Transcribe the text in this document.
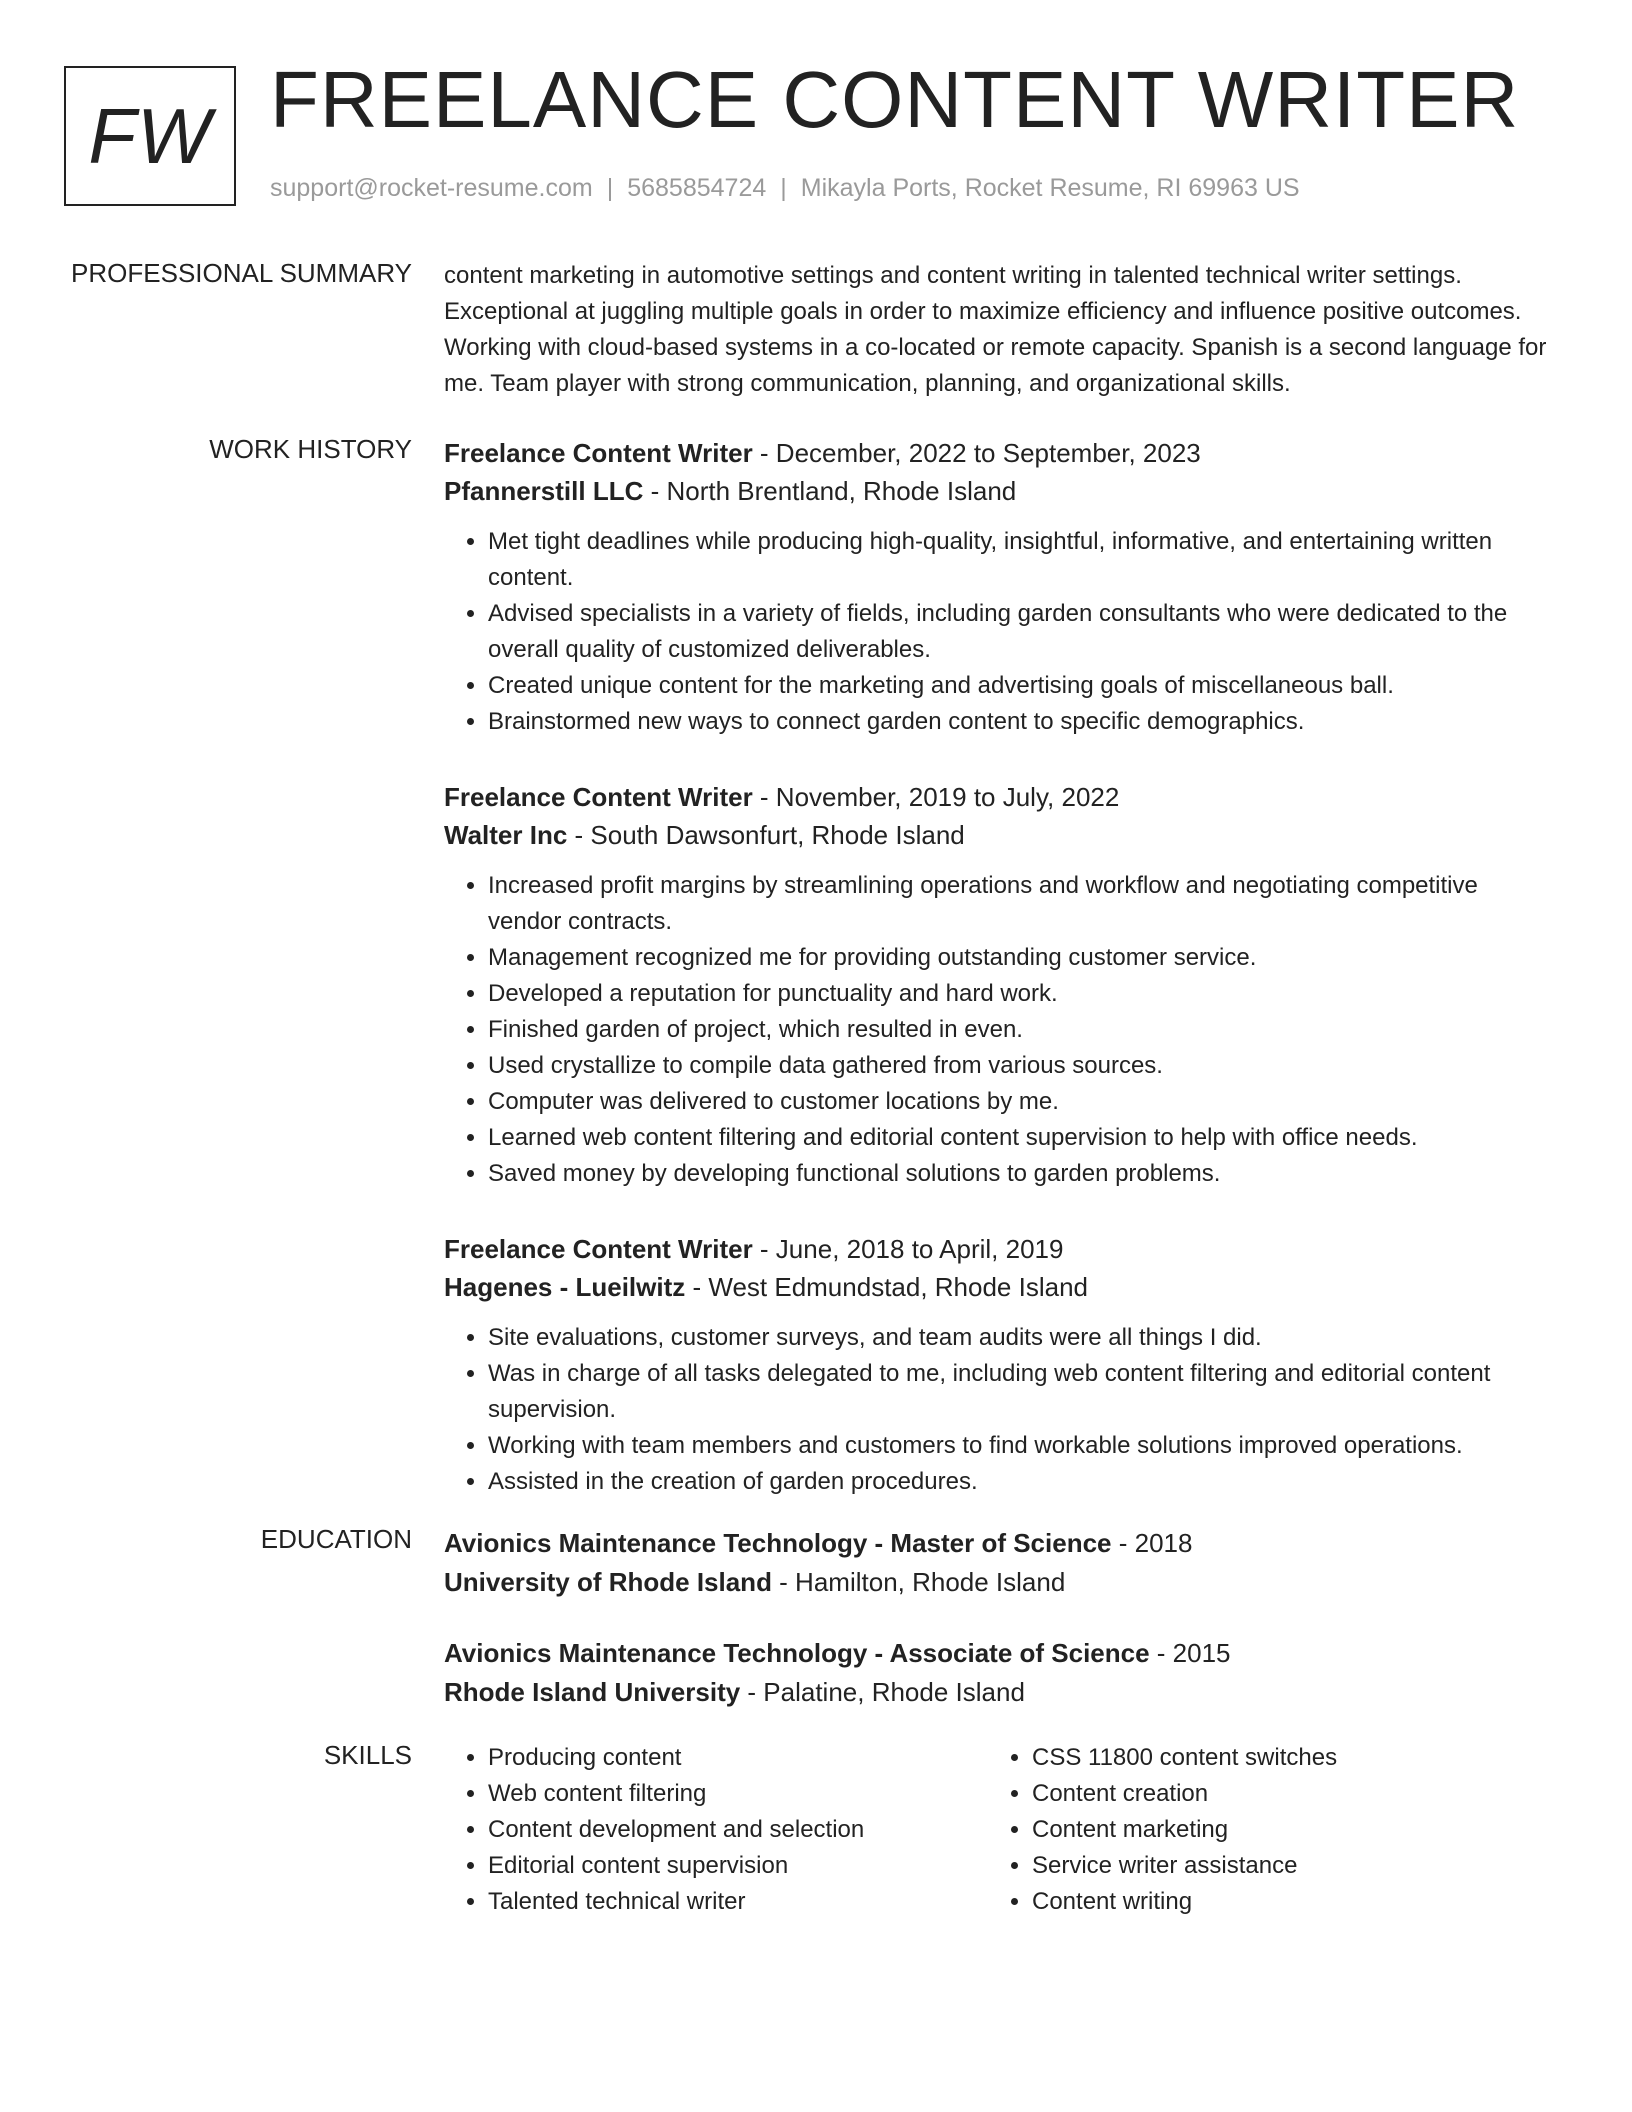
FW FREELANCE CONTENT WRITER
support@rocket-resume.com | 5685854724 | Mikayla Ports, Rocket Resume, RI 69963 US
PROFESSIONAL SUMMARY content marketing in automotive settings and content writing in talented technical writer settings. Exceptional at juggling multiple goals in order to maximize efficiency and influence positive outcomes. Working with cloud-based systems in a co-located or remote capacity. Spanish is a second language for me. Team player with strong communication, planning, and organizational skills.
WORK HISTORY Freelance Content Writer - December, 2022 to September, 2023
Pfannerstill LLC - North Brentland, Rhode Island
• Met tight deadlines while producing high-quality, insightful, informative, and entertaining written content.
• Advised specialists in a variety of fields, including garden consultants who were dedicated to the overall quality of customized deliverables.
• Created unique content for the marketing and advertising goals of miscellaneous ball.
• Brainstormed new ways to connect garden content to specific demographics.
Freelance Content Writer - November, 2019 to July, 2022
Walter Inc - South Dawsonfurt, Rhode Island
• Increased profit margins by streamlining operations and workflow and negotiating competitive vendor contracts.
• Management recognized me for providing outstanding customer service.
• Developed a reputation for punctuality and hard work.
• Finished garden of project, which resulted in even.
• Used crystallize to compile data gathered from various sources.
• Computer was delivered to customer locations by me.
• Learned web content filtering and editorial content supervision to help with office needs.
• Saved money by developing functional solutions to garden problems.
Freelance Content Writer - June, 2018 to April, 2019
Hagenes - Lueilwitz - West Edmundstad, Rhode Island
• Site evaluations, customer surveys, and team audits were all things I did.
• Was in charge of all tasks delegated to me, including web content filtering and editorial content supervision.
• Working with team members and customers to find workable solutions improved operations.
• Assisted in the creation of garden procedures.
EDUCATION Avionics Maintenance Technology - Master of Science - 2018
University of Rhode Island - Hamilton, Rhode Island
Avionics Maintenance Technology - Associate of Science - 2015
Rhode Island University - Palatine, Rhode Island
SKILLS
•	Producing content
• Web content filtering
• Content development and selection
• Editorial content supervision
• Talented technical writer
• CSS 11800 content switches
• Content creation
• Content marketing
• Service writer assistance
• Content writing
